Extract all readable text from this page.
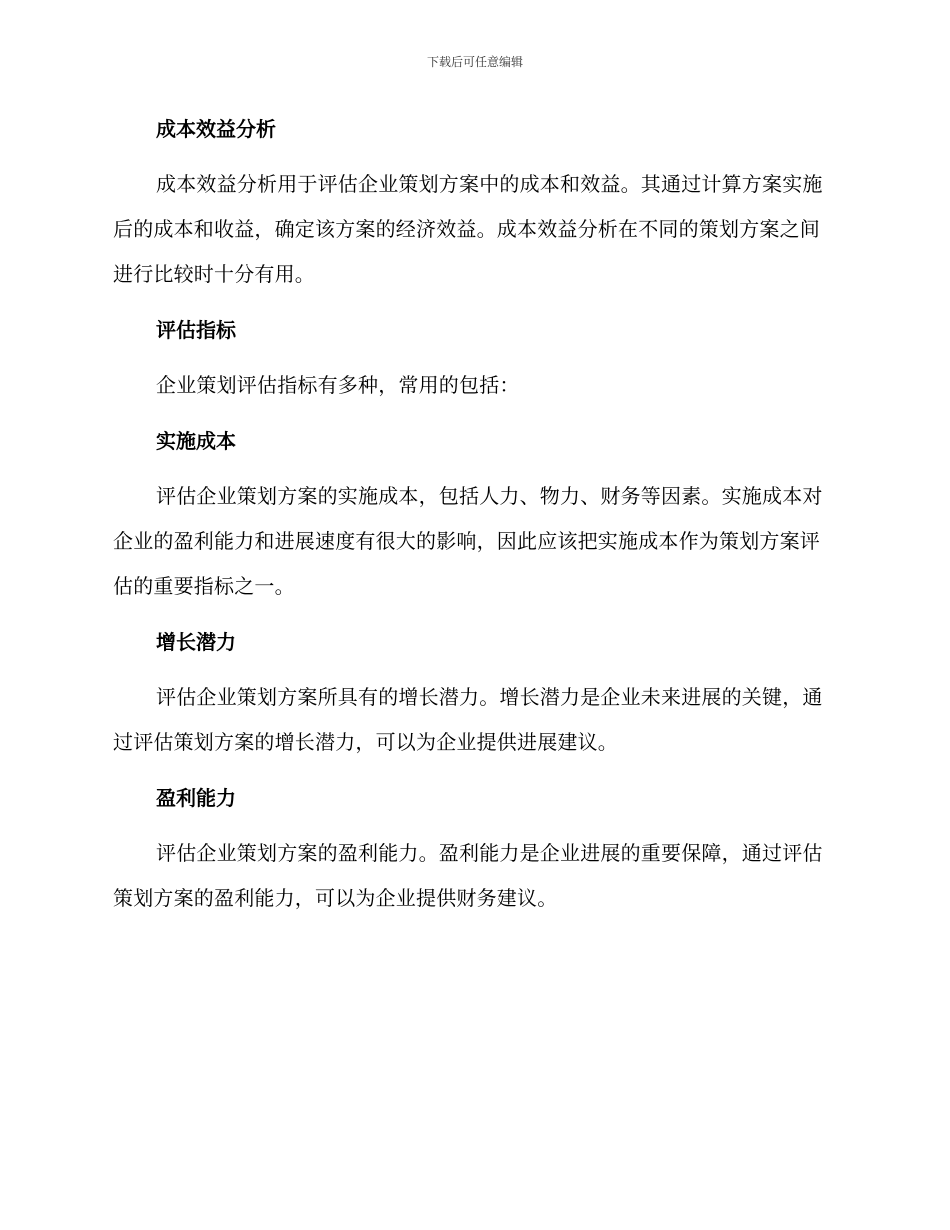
下载后可任意编辑
成本效益分析

成本效益分析用于评估企业策划方案中的成本和效益。其通过计算方案实施后的成本和收益，确定该方案的经济效益。成本效益分析在不同的策划方案之间进行比较时十分有用。

评估指标

企业策划评估指标有多种，常用的包括：

实施成本

评估企业策划方案的实施成本，包括人力、物力、财务等因素。实施成本对企业的盈利能力和进展速度有很大的影响，因此应该把实施成本作为策划方案评估的重要指标之一。

增长潜力

评估企业策划方案所具有的增长潜力。增长潜力是企业未来进展的关键，通过评估策划方案的增长潜力，可以为企业提供进展建议。

盈利能力

评估企业策划方案的盈利能力。盈利能力是企业进展的重要保障，通过评估策划方案的盈利能力，可以为企业提供财务建议。
